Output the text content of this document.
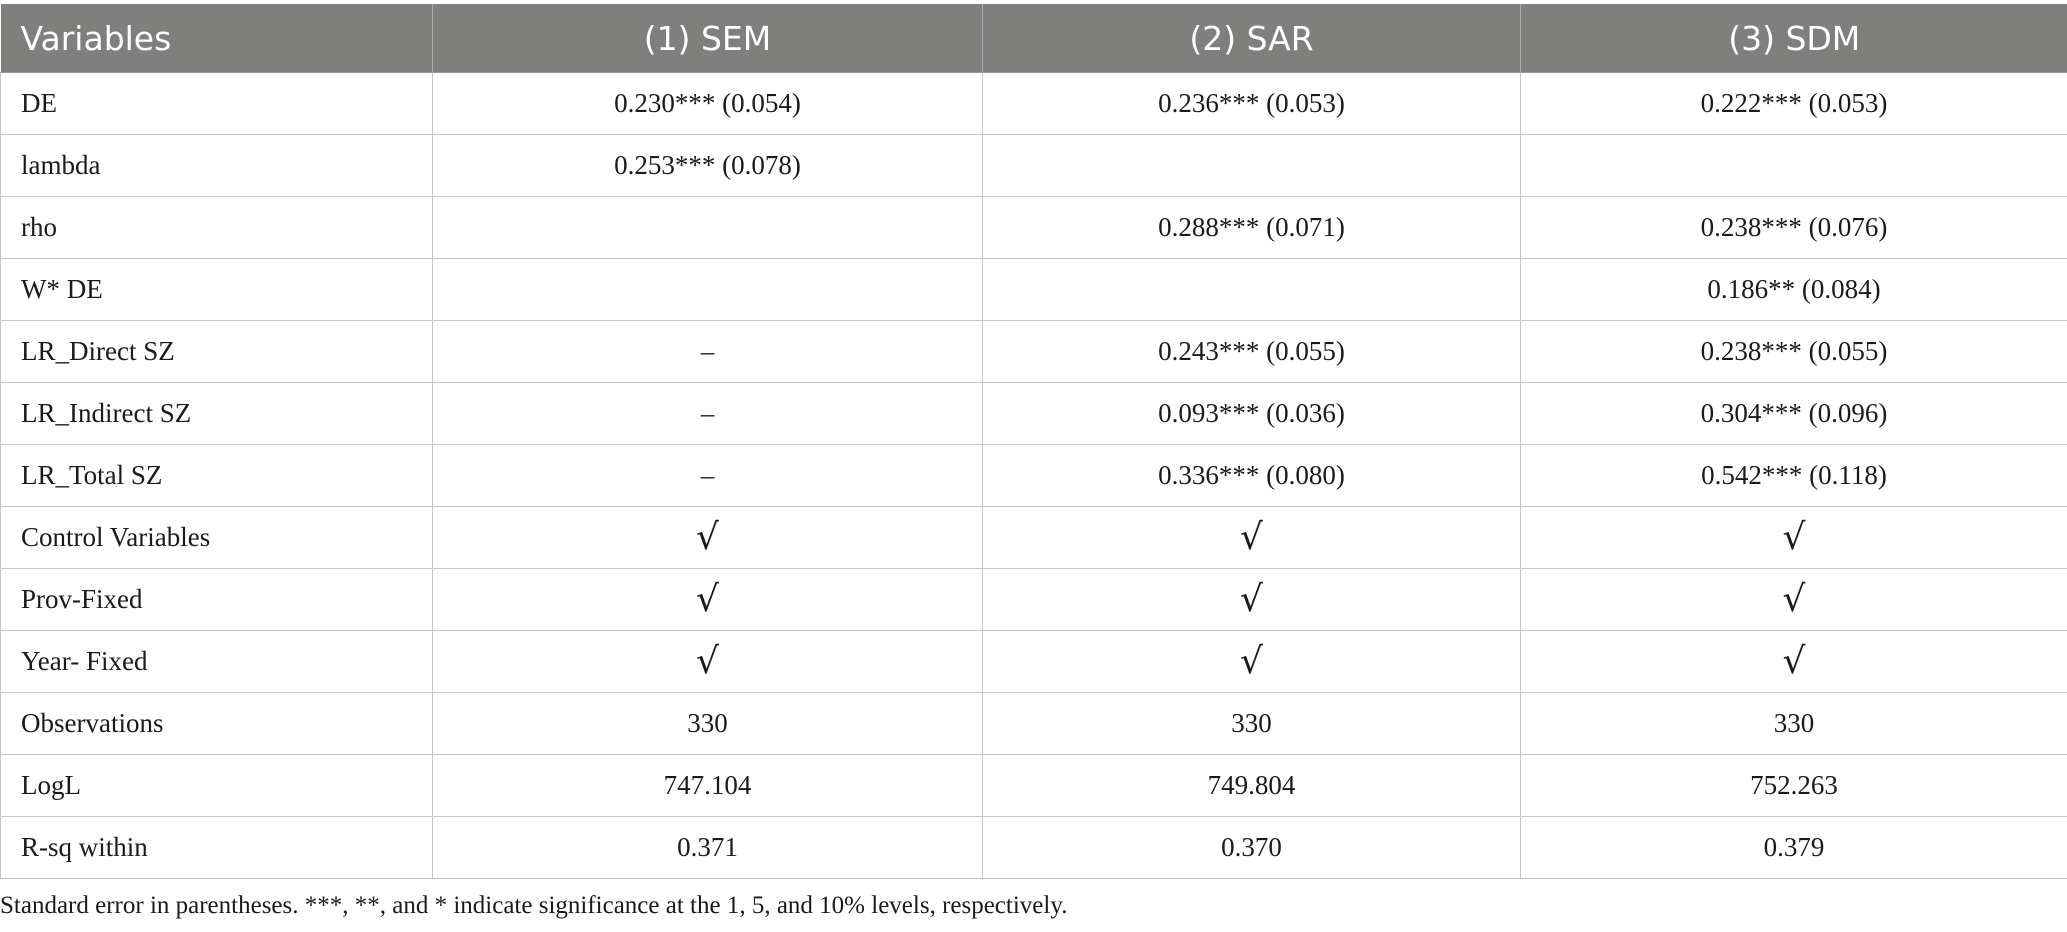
Variables	(1) SEM	(2) SAR	(3) SDM
DE	0.230*** (0.054)	0.236*** (0.053)	0.222*** (0.053)
lambda	0.253*** (0.078)		
rho		0.288*** (0.071)	0.238*** (0.076)
W* DE			0.186** (0.084)
LR_Direct SZ	–	0.243*** (0.055)	0.238*** (0.055)
LR_Indirect SZ	–	0.093*** (0.036)	0.304*** (0.096)
LR_Total SZ	–	0.336*** (0.080)	0.542*** (0.118)
Control Variables	√	√	√
Prov-Fixed	√	√	√
Year- Fixed	√	√	√
Observations	330	330	330
LogL	747.104	749.804	752.263
R-sq within	0.371	0.370	0.379
Standard error in parentheses. ***, **, and * indicate significance at the 1, 5, and 10% levels, respectively.
